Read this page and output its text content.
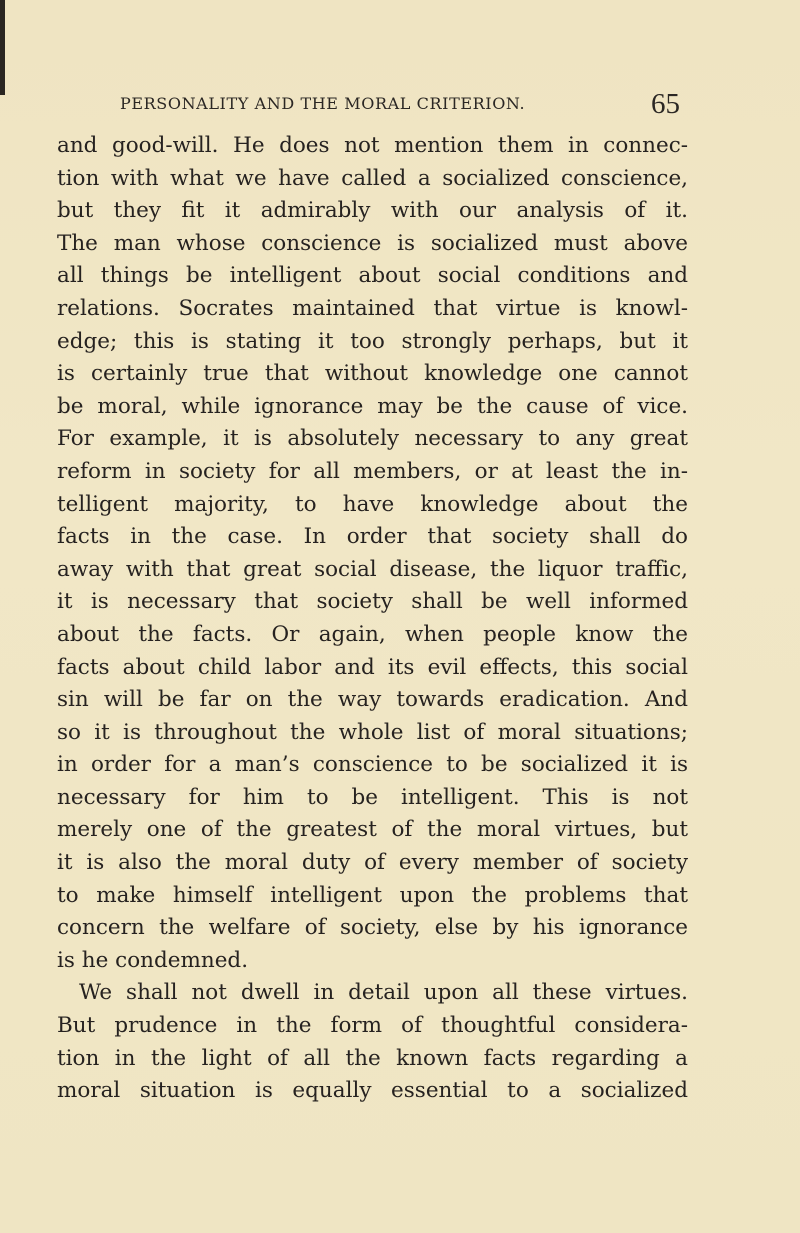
PERSONALITY AND THE MORAL CRITERION.	65
and good-will. He does not mention them in connec-
tion with what we have called a socialized conscience,
but they fit it admirably with our analysis of it.
The man whose conscience is socialized must above
all things be intelligent about social conditions and
relations. Socrates maintained that virtue is knowl-
edge; this is stating it too strongly perhaps, but it
is certainly true that without knowledge one cannot
be moral, while ignorance may be the cause of vice.
For example, it is absolutely necessary to any great
reform in society for all members, or at least the in-
telligent majority, to have knowledge about the
facts in the case. In order that society shall do
away with that great social disease, the liquor traffic,
it is necessary that society shall be well informed
about the facts. Or again, when people know the
facts about child labor and its evil effects, this social
sin will be far on the way towards eradication. And
so it is throughout the whole list of moral situations;
in order for a man’s conscience to be socialized it is
necessary for him to be intelligent. This is not
merely one of the greatest of the moral virtues, but
it is also the moral duty of every member of society
to make himself intelligent upon the problems that
concern the welfare of society, else by his ignorance
is he condemned.
We shall not dwell in detail upon all these virtues.
But prudence in the form of thoughtful considera-
tion in the light of all the known facts regarding a
moral situation is equally essential to a socialized
